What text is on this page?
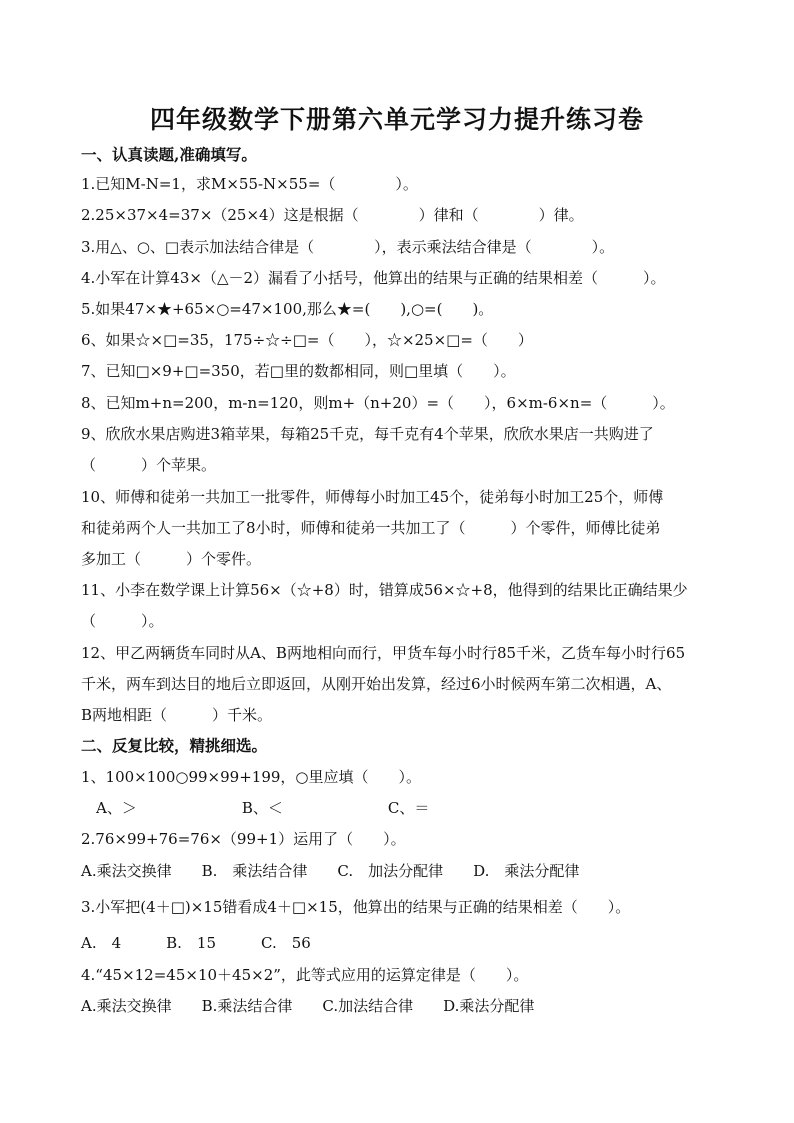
四年级数学下册第六单元学习力提升练习卷
一、认真读题,准确填写。
1.已知M-N=1，求M×55-N×55=（　　　　）。
2.25×37×4=37×（25×4）这是根据（　　　　）律和（　　　　）律。
3.用△、○、□表示加法结合律是（　　　　），表示乘法结合律是（　　　　）。
4.小军在计算43×（△－2）漏看了小括号，他算出的结果与正确的结果相差（　　　）。
5.如果47×★+65×○=47×100,那么★=(　　),○=(　　)。
6、如果☆×□=35，175÷☆÷□=（　　），☆×25×□=（　　）
7、已知□×9+□=350，若□里的数都相同，则□里填（　　）。
8、已知m+n=200，m-n=120，则m+（n+20）=（　　），6×m-6×n=（　　　）。
9、欣欣水果店购进3箱苹果，每箱25千克，每千克有4个苹果，欣欣水果店一共购进了
（　　　）个苹果。
10、师傅和徒弟一共加工一批零件，师傅每小时加工45个，徒弟每小时加工25个，师傅
和徒弟两个人一共加工了8小时，师傅和徒弟一共加工了（　　　）个零件，师傅比徒弟
多加工（　　　）个零件。
11、小李在数学课上计算56×（☆+8）时，错算成56×☆+8，他得到的结果比正确结果少
（　　　）。
12、甲乙两辆货车同时从A、B两地相向而行，甲货车每小时行85千米，乙货车每小时行65
千米，两车到达目的地后立即返回，从刚开始出发算，经过6小时候两车第二次相遇，A、
B两地相距（　　　）千米。
二、反复比较，精挑细选。
1、100×100○99×99+199，○里应填（　　）。
　A、＞　　　　　　　B、＜　　　　　　　C、＝
2.76×99+76=76×（99+1）运用了（　　）。
A.乘法交换律　　B.　乘法结合律　　C.　加法分配律　　D.　乘法分配律
3.小军把(4＋□)×15错看成4＋□×15，他算出的结果与正确的结果相差（　　）。
A.　4　　　B.　15　　　C.　56
4.“45×12=45×10＋45×2”，此等式应用的运算定律是（　　）。
A.乘法交换律　　B.乘法结合律　　C.加法结合律　　D.乘法分配律
